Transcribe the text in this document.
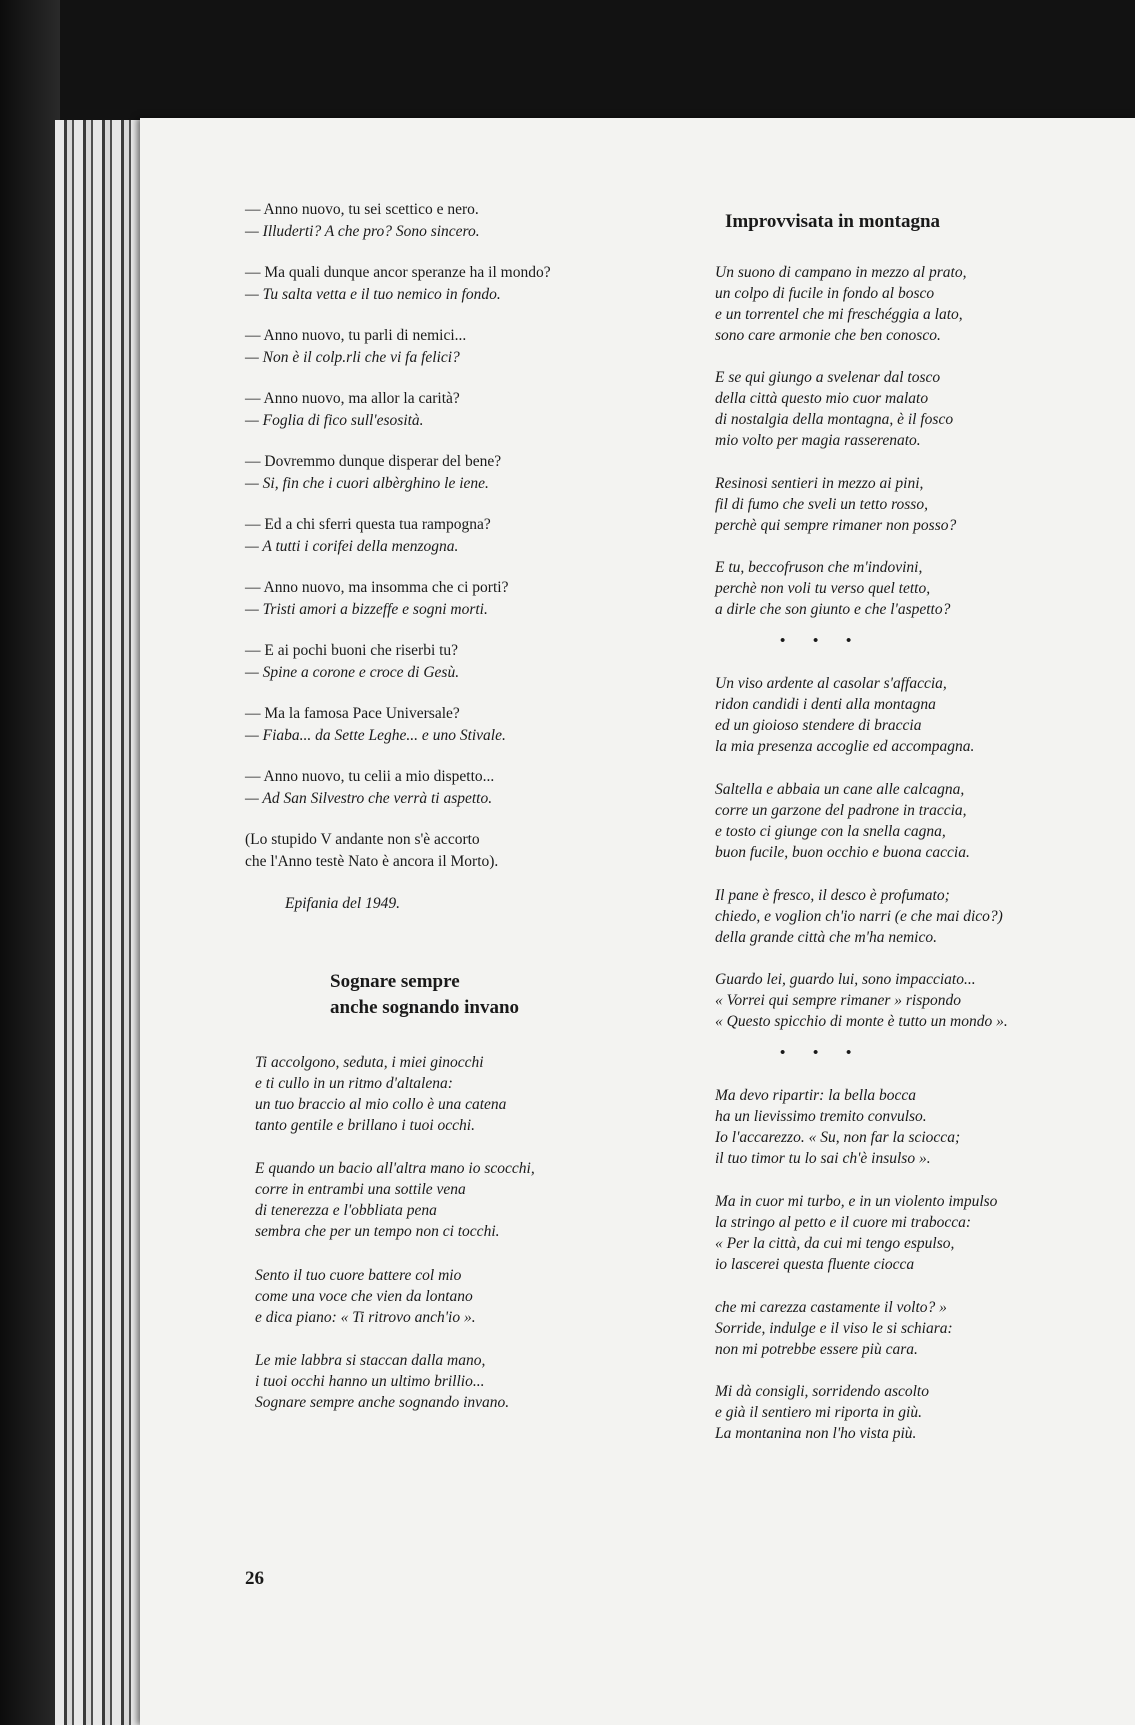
— Anno nuovo, tu sei scettico e nero.
— Illuderti? A che pro? Sono sincero.
— Ma quali dunque ancor speranze ha il mondo?
— Tu salta vetta e il tuo nemico in fondo.
— Anno nuovo, tu parli di nemici...
— Non è il colp.rli che vi fa felici?
— Anno nuovo, ma allor la carità?
— Foglia di fico sull'esosità.
— Dovremmo dunque disperar del bene?
— Si, fin che i cuori albèrghino le iene.
— Ed a chi sferri questa tua rampogna?
— A tutti i corifei della menzogna.
— Anno nuovo, ma insomma che ci porti?
— Tristi amori a bizzeffe e sogni morti.
— E ai pochi buoni che riserbi tu?
— Spine a corone e croce di Gesù.
— Ma la famosa Pace Universale?
— Fiaba... da Sette Leghe... e uno Stivale.
— Anno nuovo, tu celii a mio dispetto...
— Ad San Silvestro che verrà ti aspetto.
(Lo stupido V andante non s'è accorto
che l'Anno testè Nato è ancora il Morto).
Epifania del 1949.
Sognare sempre
anche sognando invano
Ti accolgono, seduta, i miei ginocchi
e ti cullo in un ritmo d'altalena:
un tuo braccio al mio collo è una catena
tanto gentile e brillano i tuoi occhi.
E quando un bacio all'altra mano io scocchi,
corre in entrambi una sottile vena
di tenerezza e l'obbliata pena
sembra che per un tempo non ci tocchi.
Sento il tuo cuore battere col mio
come una voce che vien da lontano
e dica piano: « Ti ritrovo anch'io ».
Le mie labbra si staccan dalla mano,
i tuoi occhi hanno un ultimo brillio...
Sognare sempre anche sognando invano.
26
Improvvisata in montagna
Un suono di campano in mezzo al prato,
un colpo di fucile in fondo al bosco
e un torrentel che mi freschéggia a lato,
sono care armonie che ben conosco.
E se qui giungo a svelenar dal tosco
della città questo mio cuor malato
di nostalgia della montagna, è il fosco
mio volto per magia rasserenato.
Resinosi sentieri in mezzo ai pini,
fil di fumo che sveli un tetto rosso,
perchè qui sempre rimaner non posso?
E tu, beccofruson che m'indovini,
perchè non voli tu verso quel tetto,
a dirle che son giunto e che l'aspetto?
• • •
Un viso ardente al casolar s'affaccia,
ridon candidi i denti alla montagna
ed un gioioso stendere di braccia
la mia presenza accoglie ed accompagna.
Saltella e abbaia un cane alle calcagna,
corre un garzone del padrone in traccia,
e tosto ci giunge con la snella cagna,
buon fucile, buon occhio e buona caccia.
Il pane è fresco, il desco è profumato;
chiedo, e voglion ch'io narri (e che mai dico?)
della grande città che m'ha nemico.
Guardo lei, guardo lui, sono impacciato...
« Vorrei qui sempre rimaner » rispondo
« Questo spicchio di monte è tutto un mondo ».
• • •
Ma devo ripartir: la bella bocca
ha un lievissimo tremito convulso.
Io l'accarezzo. « Su, non far la sciocca;
il tuo timor tu lo sai ch'è insulso ».
Ma in cuor mi turbo, e in un violento impulso
la stringo al petto e il cuore mi trabocca:
« Per la città, da cui mi tengo espulso,
io lascerei questa fluente ciocca
che mi carezza castamente il volto? »
Sorride, indulge e il viso le si schiara:
non mi potrebbe essere più cara.
Mi dà consigli, sorridendo ascolto
e già il sentiero mi riporta in giù.
La montanina non l'ho vista più.
